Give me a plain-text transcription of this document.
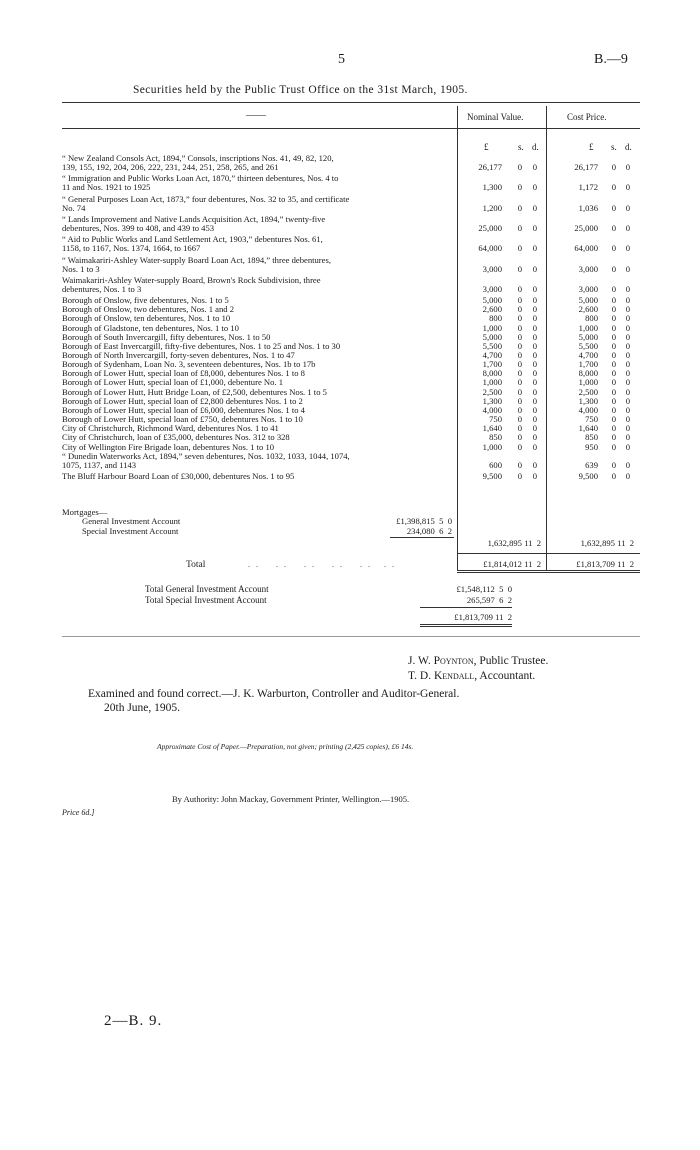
5	B.—9
Securities held by the Public Trust Office on the 31st March, 1905.
——	Nominal Value.	Cost Price.
£	s. d.	£ s. d.
“ New Zealand Consols Act, 1894,” Consols, inscriptions Nos. 41, 49, 82, 120,
139, 155, 192, 204, 206, 222, 231, 244, 251, 258, 265, and 261	26,177	0	0	26,177	0	0
“ Immigration and Public Works Loan Act, 1870,” thirteen debentures, Nos. 4 to
11 and Nos. 1921 to 1925	1,300	0	0	1,172	0	0
“ General Purposes Loan Act, 1873,” four debentures, Nos. 32 to 35, and certificate
No. 74	1,200	0	0	1,036	0	0
“ Lands Improvement and Native Lands Acquisition Act, 1894,” twenty-five
debentures, Nos. 399 to 408, and 439 to 453	25,000	0	0	25,000	0	0
“ Aid to Public Works and Land Settlement Act, 1903,” debentures Nos. 61,
1158, to 1167, Nos. 1374, 1664, to 1667	64,000	0	0	64,000	0	0
“ Waimakariri-Ashley Water-supply Board Loan Act, 1894,” three debentures,
Nos. 1 to 3	3,000	0	0	3,000	0	0
Waimakariri-Ashley Water-supply Board, Brown's Rock Subdivision, three
debentures, Nos. 1 to 3	3,000	0	0	3,000	0	0
Borough of Onslow, five debentures, Nos. 1 to 5	5,000	0	0	5,000	0	0
Borough of Onslow, two debentures, Nos. 1 and 2	2,600	0	0	2,600	0	0
Borough of Onslow, ten debentures, Nos. 1 to 10	800	0	0	800	0	0
Borough of Gladstone, ten debentures, Nos. 1 to 10	1,000	0	0	1,000	0	0
Borough of South Invercargill, fifty debentures, Nos. 1 to 50	5,000	0	0	5,000	0	0
Borough of East Invercargill, fifty-five debentures, Nos. 1 to 25 and Nos. 1 to 30	5,500	0	0	5,500	0	0
Borough of North Invercargill, forty-seven debentures, Nos. 1 to 47	4,700	0	0	4,700	0	0
Borough of Sydenham, Loan No. 3, seventeen debentures, Nos. 1b to 17b	1,700	0	0	1,700	0	0
Borough of Lower Hutt, special loan of £8,000, debentures Nos. 1 to 8	8,000	0	0	8,000	0	0
Borough of Lower Hutt, special loan of £1,000, debenture No. 1	1,000	0	0	1,000	0	0
Borough of Lower Hutt, Hutt Bridge Loan, of £2,500, debentures Nos. 1 to 5	2,500	0	0	2,500	0	0
Borough of Lower Hutt, special loan of £2,800 debentures Nos. 1 to 2	1,300	0	0	1,300	0	0
Borough of Lower Hutt, special loan of £6,000, debentures Nos. 1 to 4	4,000	0	0	4,000	0	0
Borough of Lower Hutt, special loan of £750, debentures Nos. 1 to 10	750	0	0	750	0	0
City of Christchurch, Richmond Ward, debentures Nos. 1 to 41	1,640	0	0	1,640	0	0
City of Christchurch, loan of £35,000, debentures Nos. 312 to 328	850	0	0	850	0	0
City of Wellington Fire Brigade loan, debentures Nos. 1 to 10	1,000	0	0	950	0	0
“ Dunedin Waterworks Act, 1894,” seven debentures, Nos. 1032, 1033, 1044, 1074,
1075, 1137, and 1143	600	0	0	639	0	0
The Bluff Harbour Board Loan of £30,000, debentures Nos. 1 to 95	9,500	0	0	9,500	0	0
Mortgages—
General Investment Account	£1,398,815  5  0
Special Investment Account	234,080  6  2
1,632,895 11  2	1,632,895 11  2
Total	. .    . .    . .    . .    . .   . .	£1,814,012 11  2	£1,813,709 11  2
Total General Investment Account	£1,548,112  5  0
Total Special Investment Account	265,597  6  2
£1,813,709 11  2
J. W. Poynton, Public Trustee.
T. D. Kendall, Accountant.
Examined and found correct.—J. K. Warburton, Controller and Auditor-General.
20th June, 1905.
Approximate Cost of Paper.—Preparation, not given; printing (2,425 copies), £6 14s.
By Authority: John Mackay, Government Printer, Wellington.—1905.
Price 6d.]
2—B. 9.
